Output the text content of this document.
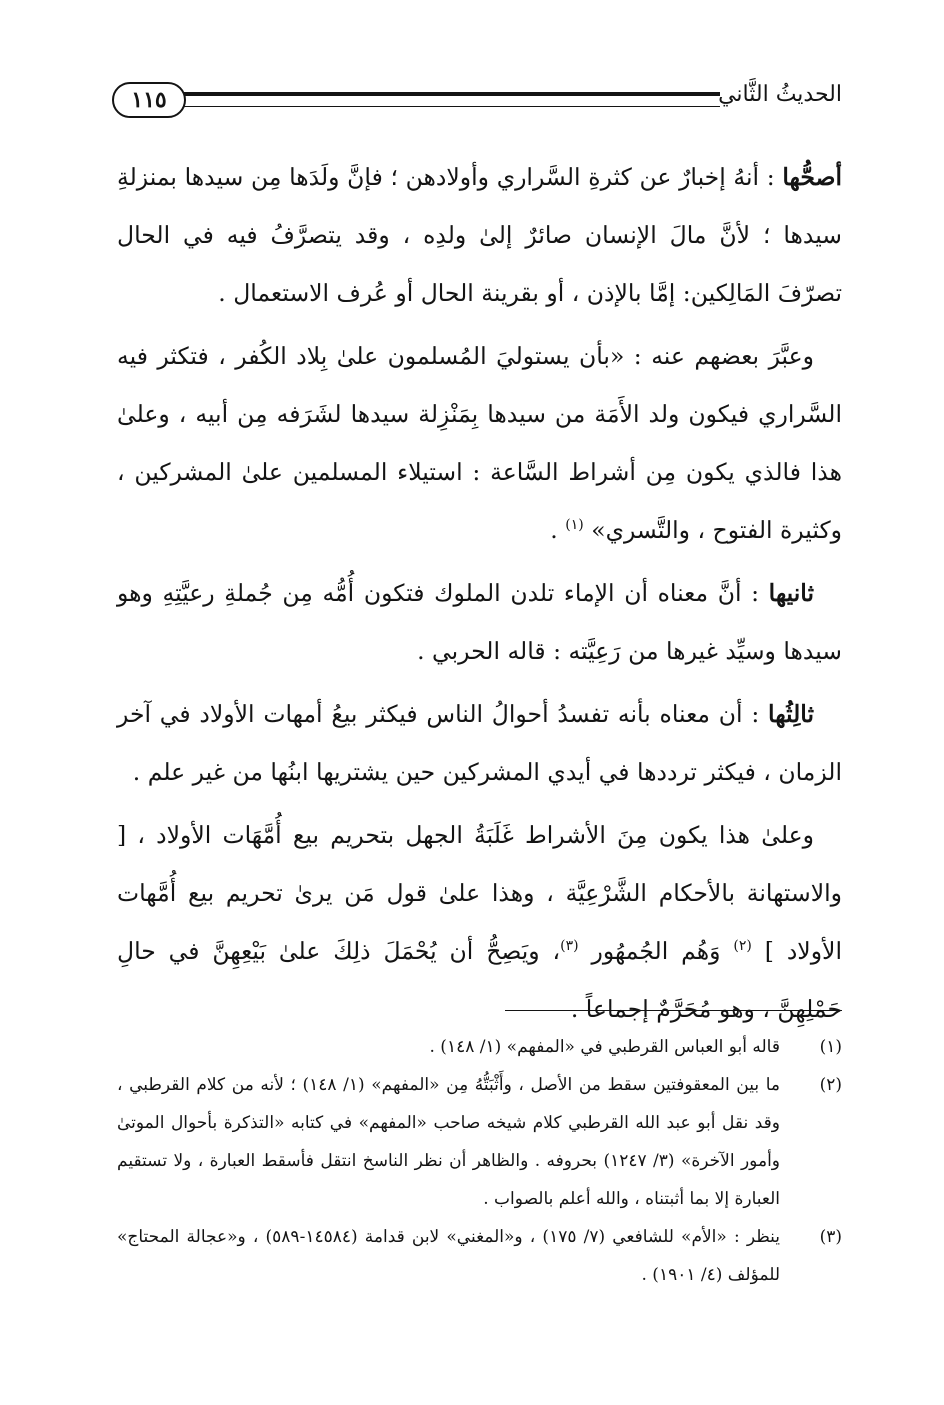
١١٥	الحديثُ الثَّاني

أصحُّها : أنهُ إخبارٌ عن كثرةِ السَّراري وأولادهن ؛ فإنَّ ولَدَها مِن سيدها بمنزلةِ سيدها ؛ لأنَّ مالَ الإنسان صائرٌ إلىٰ ولدِه ، وقد يتصرَّفُ فيه في الحال تصرّفَ المَالِكين: إمَّا بالإذن ، أو بقرينة الحال أو عُرف الاستعمال .

وعبَّرَ بعضهم عنه : «بأن يستوليَ المُسلمون علىٰ بِلاد الكُفر ، فتكثر فيه السَّراري فيكون ولد الأَمَة من سيدها بِمَنْزِلة سيدها لشَرَفه مِن أبيه ، وعلىٰ هذا فالذي يكون مِن أشراط السَّاعة : استيلاء المسلمين علىٰ المشركين ، وكثيرة الفتوح ، والتَّسري» $^{(١)}$ .

ثانيها : أنَّ معناه أن الإماء تلدن الملوك فتكون أُمُّه مِن جُملةِ رعيَّتِهِ وهو سيدها وسيِّد غيرها من رَعِيَّته : قاله الحربي .

ثالِثُها : أن معناه بأنه تفسدُ أحوالُ الناس فيكثر بيعُ أمهات الأولاد في آخر الزمان ، فيكثر ترددها في أيدي المشركين حين يشتريها ابنُها من غير علم .

وعلىٰ هذا يكون مِنَ الأشراط غَلَبَةُ الجهل بتحريم بيع أُمَّهَات الأولاد ، [ والاستهانة بالأحكام الشَّرْعِيَّة ، وهذا علىٰ قول مَن يرىٰ تحريم بيع أُمَّهات الأولاد ] $^{(٢)}$ وَهُم الجُمهُور $^{(٣)}$، ويَصِحُّ أن يُحْمَلَ ذلِكَ علىٰ بَيْعِهِنَّ في حالِ حَمْلِهِنَّ ، وهو مُحَرَّمٌ إجماعاً .

(١)
قاله أبو العباس القرطبي في «المفهم» (١/ ١٤٨) .
(٢)
ما بين المعقوفتين سقط من الأصل ، وأَثْبَتُّهُ مِن «المفهم» (١/ ١٤٨) ؛ لأنه من كلام القرطبي ، وقد نقل أبو عبد الله القرطبي كلام شيخه صاحب «المفهم» في كتابه «التذكرة بأحوال الموتىٰ وأمور الآخرة» (٣/ ١٢٤٧) بحروفه . والظاهر أن نظر الناسخ انتقل فأسقط العبارة ، ولا تستقيم العبارة إلا بما أثبتناه ، والله أعلم بالصواب .
(٣)
ينظر : «الأم» للشافعي (٧/ ١٧٥) ، و«المغني» لابن قدامة (١٤٥٨٤-٥٨٩) ، و«عجالة المحتاج» للمؤلف (٤/ ١٩٠١) .
